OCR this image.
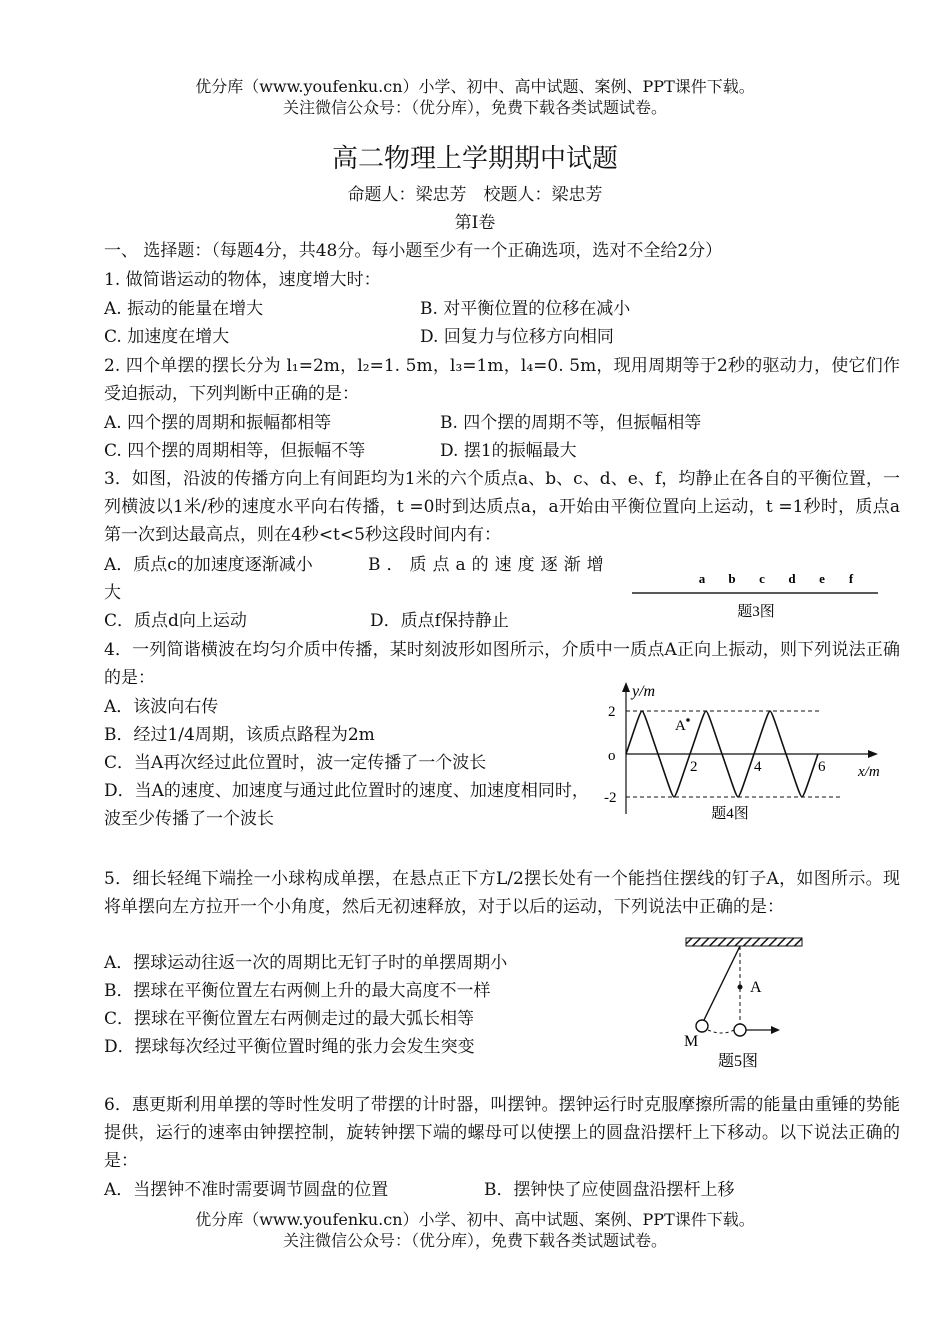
优分库（www.youfenku.cn）小学、初中、高中试题、案例、PPT课件下载。
关注微信公众号：（优分库），免费下载各类试题试卷。
高二物理上学期期中试题
命题人：梁忠芳　校题人：梁忠芳
第Ⅰ卷
一、 选择题：（每题4分，共48分。每小题至少有一个正确选项，选对不全给2分）
1. 做简谐运动的物体，速度增大时：
A. 振动的能量在增大	B. 对平衡位置的位移在减小
C. 加速度在增大	D. 回复力与位移方向相同
2. 四个单摆的摆长分为 l₁=2m，l₂=1. 5m，l₃=1m，l₄=0. 5m，现用周期等于2秒的驱动力，使它们作受迫振动，下列判断中正确的是：
A. 四个摆的周期和振幅都相等	B. 四个摆的周期不等，但振幅相等
C. 四个摆的周期相等，但振幅不等	D. 摆1的振幅最大
3．如图，沿波的传播方向上有间距均为1米的六个质点a、b、c、d、e、f，均静止在各自的平衡位置，一列横波以1米/秒的速度水平向右传播，t =0时到达质点a，a开始由平衡位置向上运动，t =1秒时，质点a第一次到达最高点，则在4秒<t<5秒这段时间内有：
A．质点c的加速度逐渐减小	B．质点a的速度逐渐增大
C．质点d向上运动	D．质点f保持静止
a b c d e f
题3图
4．一列简谐横波在均匀介质中传播，某时刻波形如图所示，介质中一质点A正向上振动，则下列说法正确的是：
A．该波向右传
B．经过1/4周期，该质点路程为2m
C．当A再次经过此位置时，波一定传播了一个波长
D．当A的速度、加速度与通过此位置时的速度、加速度相同时，波至少传播了一个波长
y/m
2
o
-2
2	4	6 x/m
A
题4图
5．细长轻绳下端拴一小球构成单摆，在悬点正下方L/2摆长处有一个能挡住摆线的钉子A，如图所示。现将单摆向左方拉开一个小角度，然后无初速释放，对于以后的运动，下列说法中正确的是：
A．摆球运动往返一次的周期比无钉子时的单摆周期小
B．摆球在平衡位置左右两侧上升的最大高度不一样
C．摆球在平衡位置左右两侧走过的最大弧长相等
D．摆球每次经过平衡位置时绳的张力会发生突变
A
M
题5图
6．惠更斯利用单摆的等时性发明了带摆的计时器，叫摆钟。摆钟运行时克服摩擦所需的能量由重锤的势能提供，运行的速率由钟摆控制，旋转钟摆下端的螺母可以使摆上的圆盘沿摆杆上下移动。以下说法正确的是：
A．当摆钟不准时需要调节圆盘的位置	B．摆钟快了应使圆盘沿摆杆上移
优分库（www.youfenku.cn）小学、初中、高中试题、案例、PPT课件下载。
关注微信公众号：（优分库），免费下载各类试题试卷。
